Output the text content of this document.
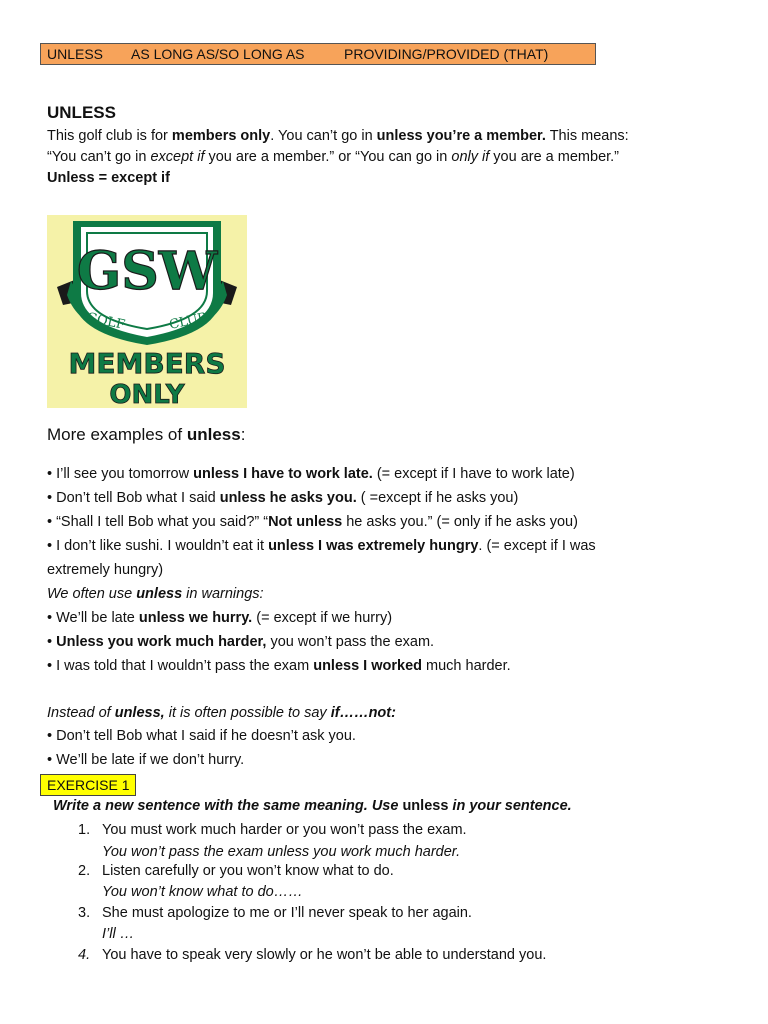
UNLESS AS LONG AS/SO LONG AS	PROVIDING/PROVIDED (THAT)
UNLESS
This golf club is for members only. You can’t go in unless you’re a member. This means:
“You can’t go in except if you are a member.” or “You can go in only if you are a member.”
Unless = except if
GSW
GOLF	CLUB
MEMBERS
ONLY
More examples of unless:
• I’ll see you tomorrow unless I have to work late. (= except if I have to work late)
• Don’t tell Bob what I said unless he asks you. ( =except if he asks you)
• “Shall I tell Bob what you said?” “Not unless he asks you.” (= only if he asks you)
• I don’t like sushi. I wouldn’t eat it unless I was extremely hungry. (= except if I was
extremely hungry)
We often use unless in warnings:
• We’ll be late unless we hurry. (= except if we hurry)
• Unless you work much harder, you won’t pass the exam.
• I was told that I wouldn’t pass the exam unless I worked much harder.
Instead of unless, it is often possible to say if……not:
• Don’t tell Bob what I said if he doesn’t ask you.
• We’ll be late if we don’t hurry.
EXERCISE 1
Write a new sentence with the same meaning. Use unless in your sentence.
1. You must work much harder or you won’t pass the exam.
You won’t pass the exam unless you work much harder.
2. Listen carefully or you won’t know what to do.
You won’t know what to do……
3. She must apologize to me or I’ll never speak to her again.
I’ll …
4. You have to speak very slowly or he won’t be able to understand you.
